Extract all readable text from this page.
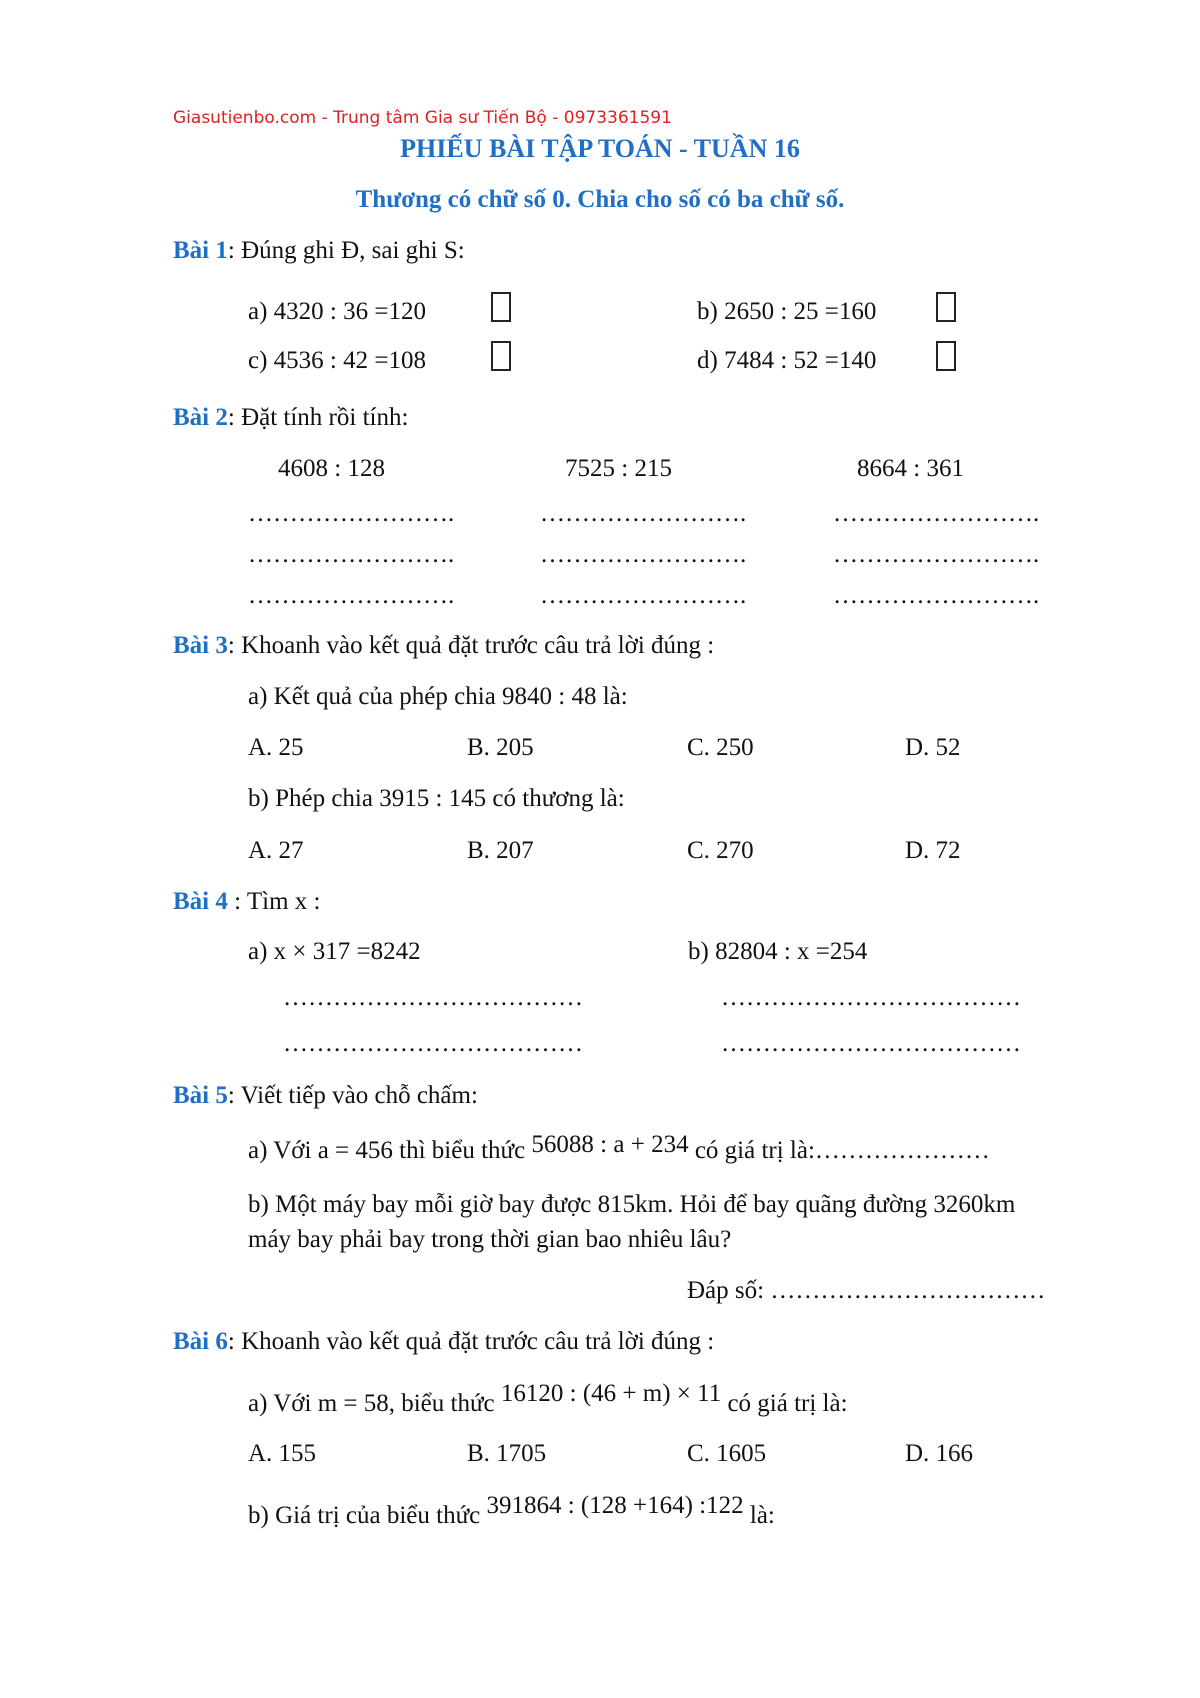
Giasutienbo.com - Trung tâm Gia sư Tiến Bộ - 0973361591
PHIẾU BÀI TẬP TOÁN - TUẦN 16
Thương có chữ số 0. Chia cho số có ba chữ số.
Bài 1: Đúng ghi Đ, sai ghi S:
a) 4320 : 36 =120	b) 2650 : 25 =160
c) 4536 : 42 =108	d) 7484 : 52 =140
Bài 2: Đặt tính rồi tính:
4608 : 128	7525 : 215	8664 : 361
…………………….	…………………….	…………………….
…………………….	…………………….	…………………….
…………………….	…………………….	…………………….
Bài 3: Khoanh vào kết quả đặt trước câu trả lời đúng :
a) Kết quả của phép chia 9840 : 48 là:
A. 25	B. 205	C. 250	D. 52
b) Phép chia 3915 : 145 có thương là:
A. 27	B. 207	C. 270	D. 72
Bài 4 : Tìm x :
a) x × 317 =8242	b) 82804 : x =254
………………………………	………………………………
………………………………	………………………………
Bài 5: Viết tiếp vào chỗ chấm:
a) Với a = 456 thì biểu thức 56088 : a + 234 có giá trị là:…………………
b) Một máy bay mỗi giờ bay được 815km. Hỏi để bay quãng đường 3260km
máy bay phải bay trong thời gian bao nhiêu lâu?
Đáp số: ……………………………
Bài 6: Khoanh vào kết quả đặt trước câu trả lời đúng :
a) Với m = 58, biểu thức 16120 : (46 + m) × 11 có giá trị là:
A. 155	B. 1705	C. 1605	D. 166
b) Giá trị của biểu thức 391864 : (128 +164) :122 là:
